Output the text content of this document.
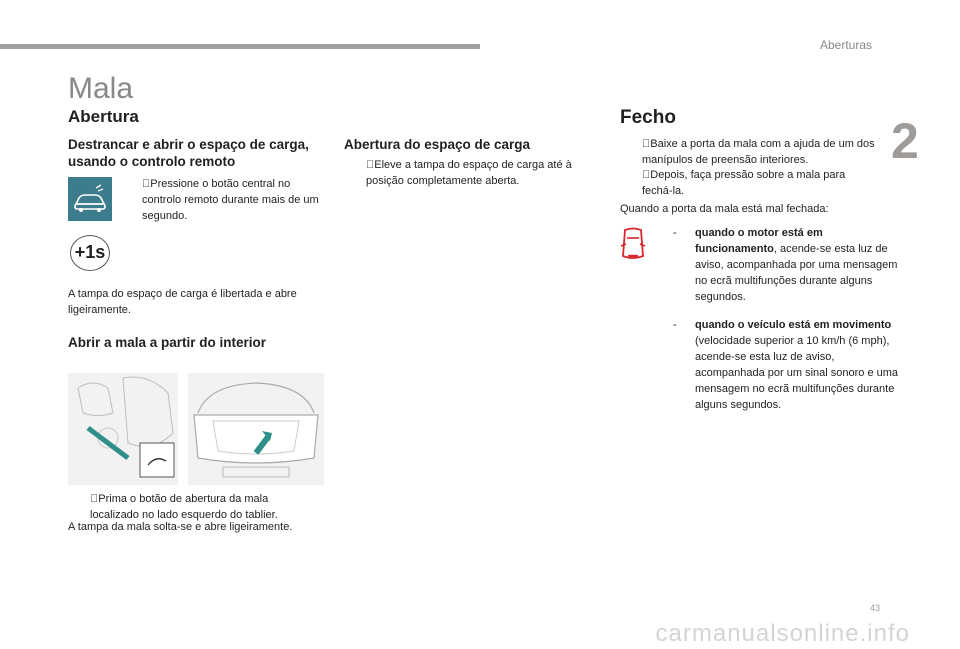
Aberturas
2
Mala
Abertura
Destrancar e abrir o espaço de carga, usando o controlo remoto
Pressione o botão central no controlo remoto durante mais de um segundo.
+1s
A tampa do espaço de carga é libertada e abre ligeiramente.
Abrir a mala a partir do interior
Prima o botão de abertura da mala localizado no lado esquerdo do tablier.
A tampa da mala solta-se e abre ligeiramente.
Abertura do espaço de carga
Eleve a tampa do espaço de carga até à posição completamente aberta.
Fecho
Baixe a porta da mala com a ajuda de um dos manípulos de preensão interiores.
Depois, faça pressão sobre a mala para fechá-la.
Quando a porta da mala está mal fechada:
- quando o motor está em funcionamento, acende-se esta luz de aviso, acompanhada por uma mensagem no ecrã multifunções durante alguns segundos.
- quando o veículo está em movimento (velocidade superior a 10 km/h (6 mph), acende-se esta luz de aviso, acompanhada por um sinal sonoro e uma mensagem no ecrã multifunções durante alguns segundos.
43
carmanualsonline.info
